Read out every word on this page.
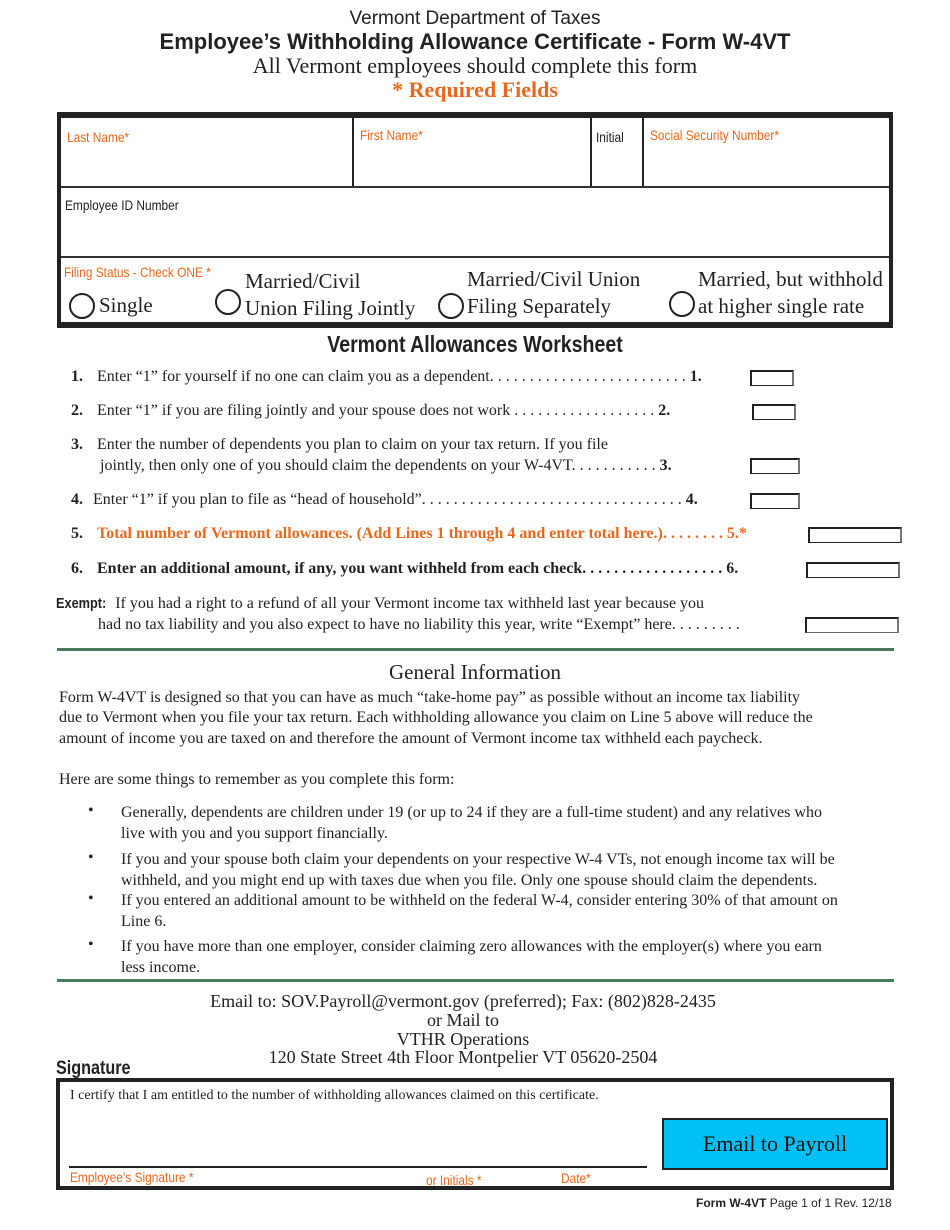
Vermont Department of Taxes
Employee’s Withholding Allowance Certificate - Form W-4VT
All Vermont employees should complete this form
* Required Fields
Last Name*	First Name*	Initial Social Security Number*
Employee ID Number
Filing Status - Check ONE *
Single
Married/Civil
Union Filing Jointly
Married/Civil Union
Filing Separately
Married, but withhold
at higher single rate
Vermont Allowances Worksheet
1. Enter “1” for yourself if no one can claim you as a dependent. . . . . . . . . . . . . . . . . . . . . . . . . 1.
2. Enter “1” if you are filing jointly and your spouse does not work . . . . . . . . . . . . . . . . . . 2.
3. Enter the number of dependents you plan to claim on your tax return. If you file
jointly, then only one of you should claim the dependents on your W-4VT. . . . . . . . . . . 3.
4. Enter “1” if you plan to file as “head of household”. . . . . . . . . . . . . . . . . . . . . . . . . . . . . . . . . 4.
5. Total number of Vermont allowances. (Add Lines 1 through 4 and enter total here.). . . . . . . . 5.*
6. Enter an additional amount, if any, you want withheld from each check. . . . . . . . . . . . . . . . . . 6.
Exempt: If you had a right to a refund of all your Vermont income tax withheld last year because you
had no tax liability and you also expect to have no liability this year, write “Exempt” here. . . . . . . . .
General Information
Form W-4VT is designed so that you can have as much “take-home pay” as possible without an income tax liability
due to Vermont when you file your tax return. Each withholding allowance you claim on Line 5 above will reduce the
amount of income you are taxed on and therefore the amount of Vermont income tax withheld each paycheck.
Here are some things to remember as you complete this form:
• Generally, dependents are children under 19 (or up to 24 if they are a full-time student) and any relatives who
live with you and you support financially.
• If you and your spouse both claim your dependents on your respective W-4 VTs, not enough income tax will be
withheld, and you might end up with taxes due when you file. Only one spouse should claim the dependents.
• If you entered an additional amount to be withheld on the federal W-4, consider entering 30% of that amount on
Line 6.
• If you have more than one employer, consider claiming zero allowances with the employer(s) where you earn
less income.
Email to: SOV.Payroll@vermont.gov (preferred); Fax: (802)828-2435
or Mail to
VTHR Operations
120 State Street 4th Floor Montpelier VT 05620-2504
Signature
I certify that I am entitled to the number of withholding allowances claimed on this certificate.
Employee’s Signature *	or Initials *	Date*
Email to Payroll
Form W-4VT Page 1 of 1 Rev. 12/18
